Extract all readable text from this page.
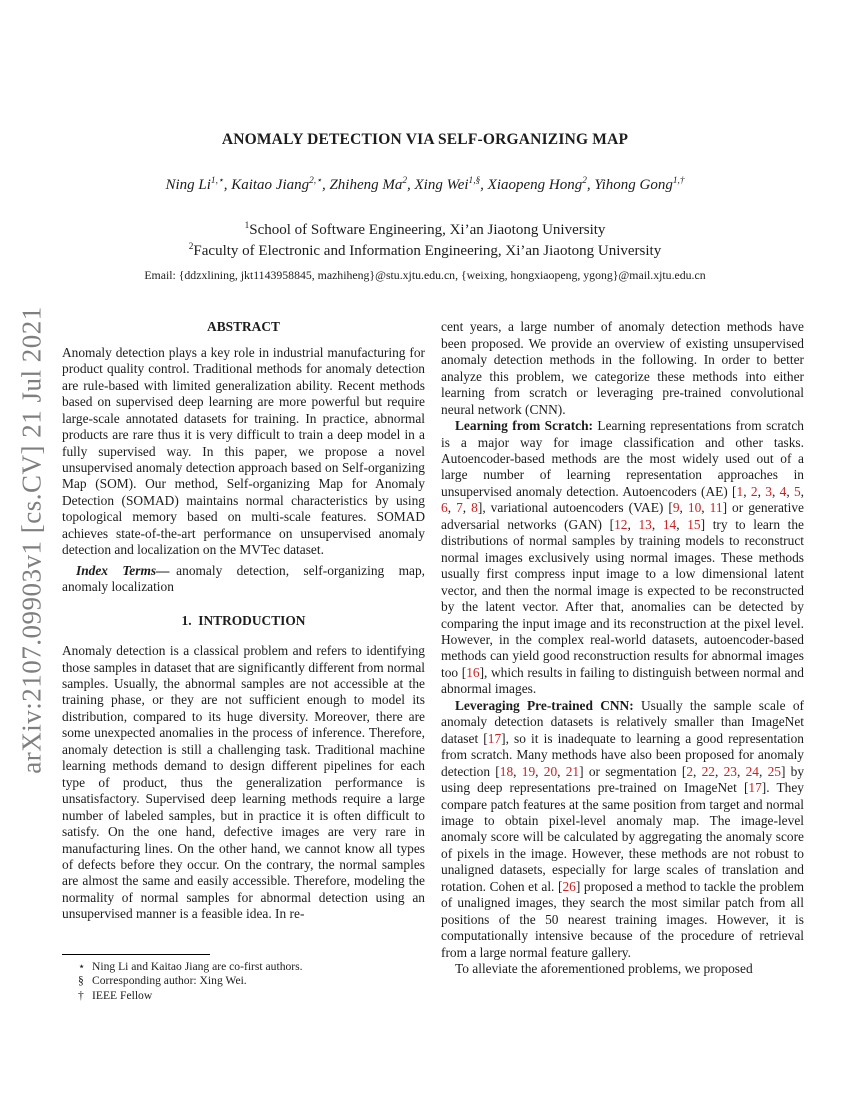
arXiv:2107.09903v1 [cs.CV] 21 Jul 2021
ANOMALY DETECTION VIA SELF-ORGANIZING MAP
Ning $Li^{1,⋆}$, Kaitao Jiang$^{2,⋆}$, Zhiheng Ma$^2$, Xing Wei$^{1,\S}$, Xiaopeng Hong$^2$, Yihong Gong$^{1,\dagger}$
$^1$School of Software Engineering, Xi’an Jiaotong University
$^2$Faculty of Electronic and Information Engineering, Xi’an Jiaotong University
Email: {ddzxlining, jkt1143958845, mazhiheng}@stu.xjtu.edu.cn, {weixing, hongxiaopeng, ygong}@mail.xjtu.edu.cn
ABSTRACT

Anomaly detection plays a key role in industrial manufacturing for product quality control. Traditional methods for anomaly detection are rule-based with limited generalization ability. Recent methods based on supervised deep learning are more powerful but require large-scale annotated datasets for training. In practice, abnormal products are rare thus it is very difficult to train a deep model in a fully supervised way. In this paper, we propose a novel unsupervised anomaly detection approach based on Self-organizing Map (SOM). Our method, Self-organizing Map for Anomaly Detection (SOMAD) maintains normal characteristics by using topological memory based on multi-scale features. SOMAD achieves state-of-the-art performance on unsupervised anomaly detection and localization on the MVTec dataset.

Index Terms— anomaly detection, self-organizing map, anomaly localization

1. INTRODUCTION

Anomaly detection is a classical problem and refers to identifying those samples in dataset that are significantly different from normal samples. Usually, the abnormal samples are not accessible at the training phase, or they are not sufficient enough to model its distribution, compared to its huge diversity. Moreover, there are some unexpected anomalies in the process of inference. Therefore, anomaly detection is still a challenging task. Traditional machine learning methods demand to design different pipelines for each type of product, thus the generalization performance is unsatisfactory. Supervised deep learning methods require a large number of labeled samples, but in practice it is often difficult to satisfy. On the one hand, defective images are very rare in manufacturing lines. On the other hand, we cannot know all types of defects before they occur. On the contrary, the normal samples are almost the same and easily accessible. Therefore, modeling the normality of normal samples for abnormal detection using an unsupervised manner is a feasible idea. In re-

cent years, a large number of anomaly detection methods have been proposed. We provide an overview of existing unsupervised anomaly detection methods in the following. In order to better analyze this problem, we categorize these methods into either learning from scratch or leveraging pre-trained convolutional neural network (CNN).

Learning from Scratch: Learning representations from scratch is a major way for image classification and other tasks. Autoencoder-based methods are the most widely used out of a large number of learning representation approaches in unsupervised anomaly detection. Autoencoders (AE) [1, 2, 3, 4, 5, 6, 7, 8], variational autoencoders (VAE) [9, 10, 11] or generative adversarial networks (GAN) [12, 13, 14, 15] try to learn the distributions of normal samples by training models to reconstruct normal images exclusively using normal images. These methods usually first compress input image to a low dimensional latent vector, and then the normal image is expected to be reconstructed by the latent vector. After that, anomalies can be detected by comparing the input image and its reconstruction at the pixel level. However, in the complex real-world datasets, autoencoder-based methods can yield good reconstruction results for abnormal images too [16], which results in failing to distinguish between normal and abnormal images.

Leveraging Pre-trained CNN: Usually the sample scale of anomaly detection datasets is relatively smaller than ImageNet dataset [17], so it is inadequate to learning a good representation from scratch. Many methods have also been proposed for anomaly detection [18, 19, 20, 21] or segmentation [2, 22, 23, 24, 25] by using deep representations pre-trained on ImageNet [17]. They compare patch features at the same position from target and normal image to obtain pixel-level anomaly map. The image-level anomaly score will be calculated by aggregating the anomaly score of pixels in the image. However, these methods are not robust to unaligned datasets, especially for large scales of translation and rotation. Cohen et al. [26] proposed a method to tackle the problem of unaligned images, they search the most similar patch from all positions of the 50 nearest training images. However, it is computationally intensive because of the procedure of retrieval from a large normal feature gallery.

To alleviate the aforementioned problems, we proposed

⋆ Ning Li and Kaitao Jiang are co-first authors.
§ Corresponding author: Xing Wei.
† IEEE Fellow
